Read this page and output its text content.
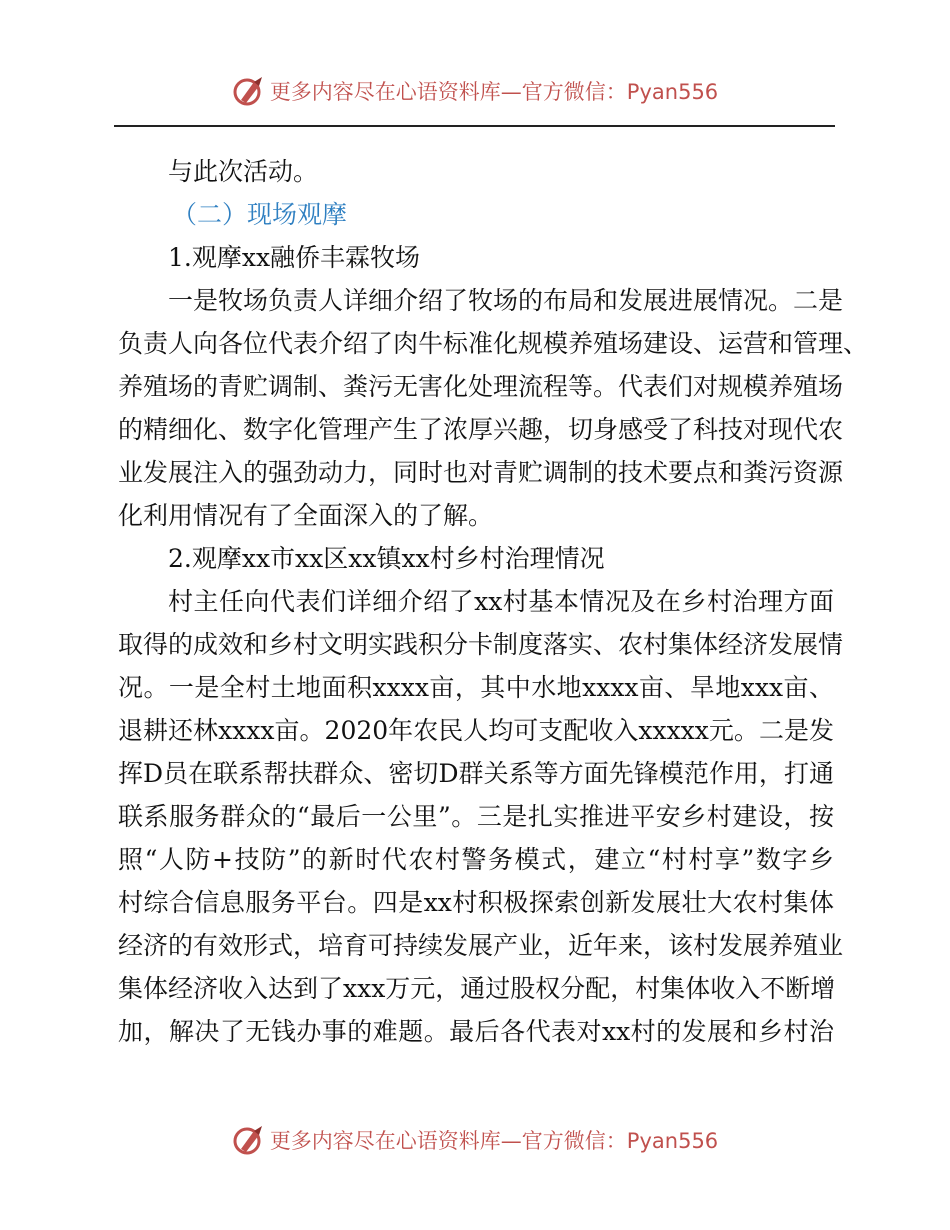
更多内容尽在心语资料库—官方微信：Pyan556
与此次活动。
（二）现场观摩
1.观摩xx融侨丰霖牧场
一是牧场负责人详细介绍了牧场的布局和发展进展情况。二是
负责人向各位代表介绍了肉牛标准化规模养殖场建设、运营和管理、
养殖场的青贮调制、粪污无害化处理流程等。代表们对规模养殖场
的精细化、数字化管理产生了浓厚兴趣，切身感受了科技对现代农
业发展注入的强劲动力，同时也对青贮调制的技术要点和粪污资源
化利用情况有了全面深入的了解。
2.观摩xx市xx区xx镇xx村乡村治理情况
村主任向代表们详细介绍了xx村基本情况及在乡村治理方面
取得的成效和乡村文明实践积分卡制度落实、农村集体经济发展情
况。一是全村土地面积xxxx亩，其中水地xxxx亩、旱地xxx亩、
退耕还林xxxx亩。2020年农民人均可支配收入xxxxx元。二是发
挥D员在联系帮扶群众、密切D群关系等方面先锋模范作用，打通
联系服务群众的“最后一公里”。三是扎实推进平安乡村建设，按
照“人防+技防”的新时代农村警务模式，建立“村村享”数字乡
村综合信息服务平台。四是xx村积极探索创新发展壮大农村集体
经济的有效形式，培育可持续发展产业，近年来，该村发展养殖业
集体经济收入达到了xxx万元，通过股权分配，村集体收入不断增
加，解决了无钱办事的难题。最后各代表对xx村的发展和乡村治
更多内容尽在心语资料库—官方微信：Pyan556
